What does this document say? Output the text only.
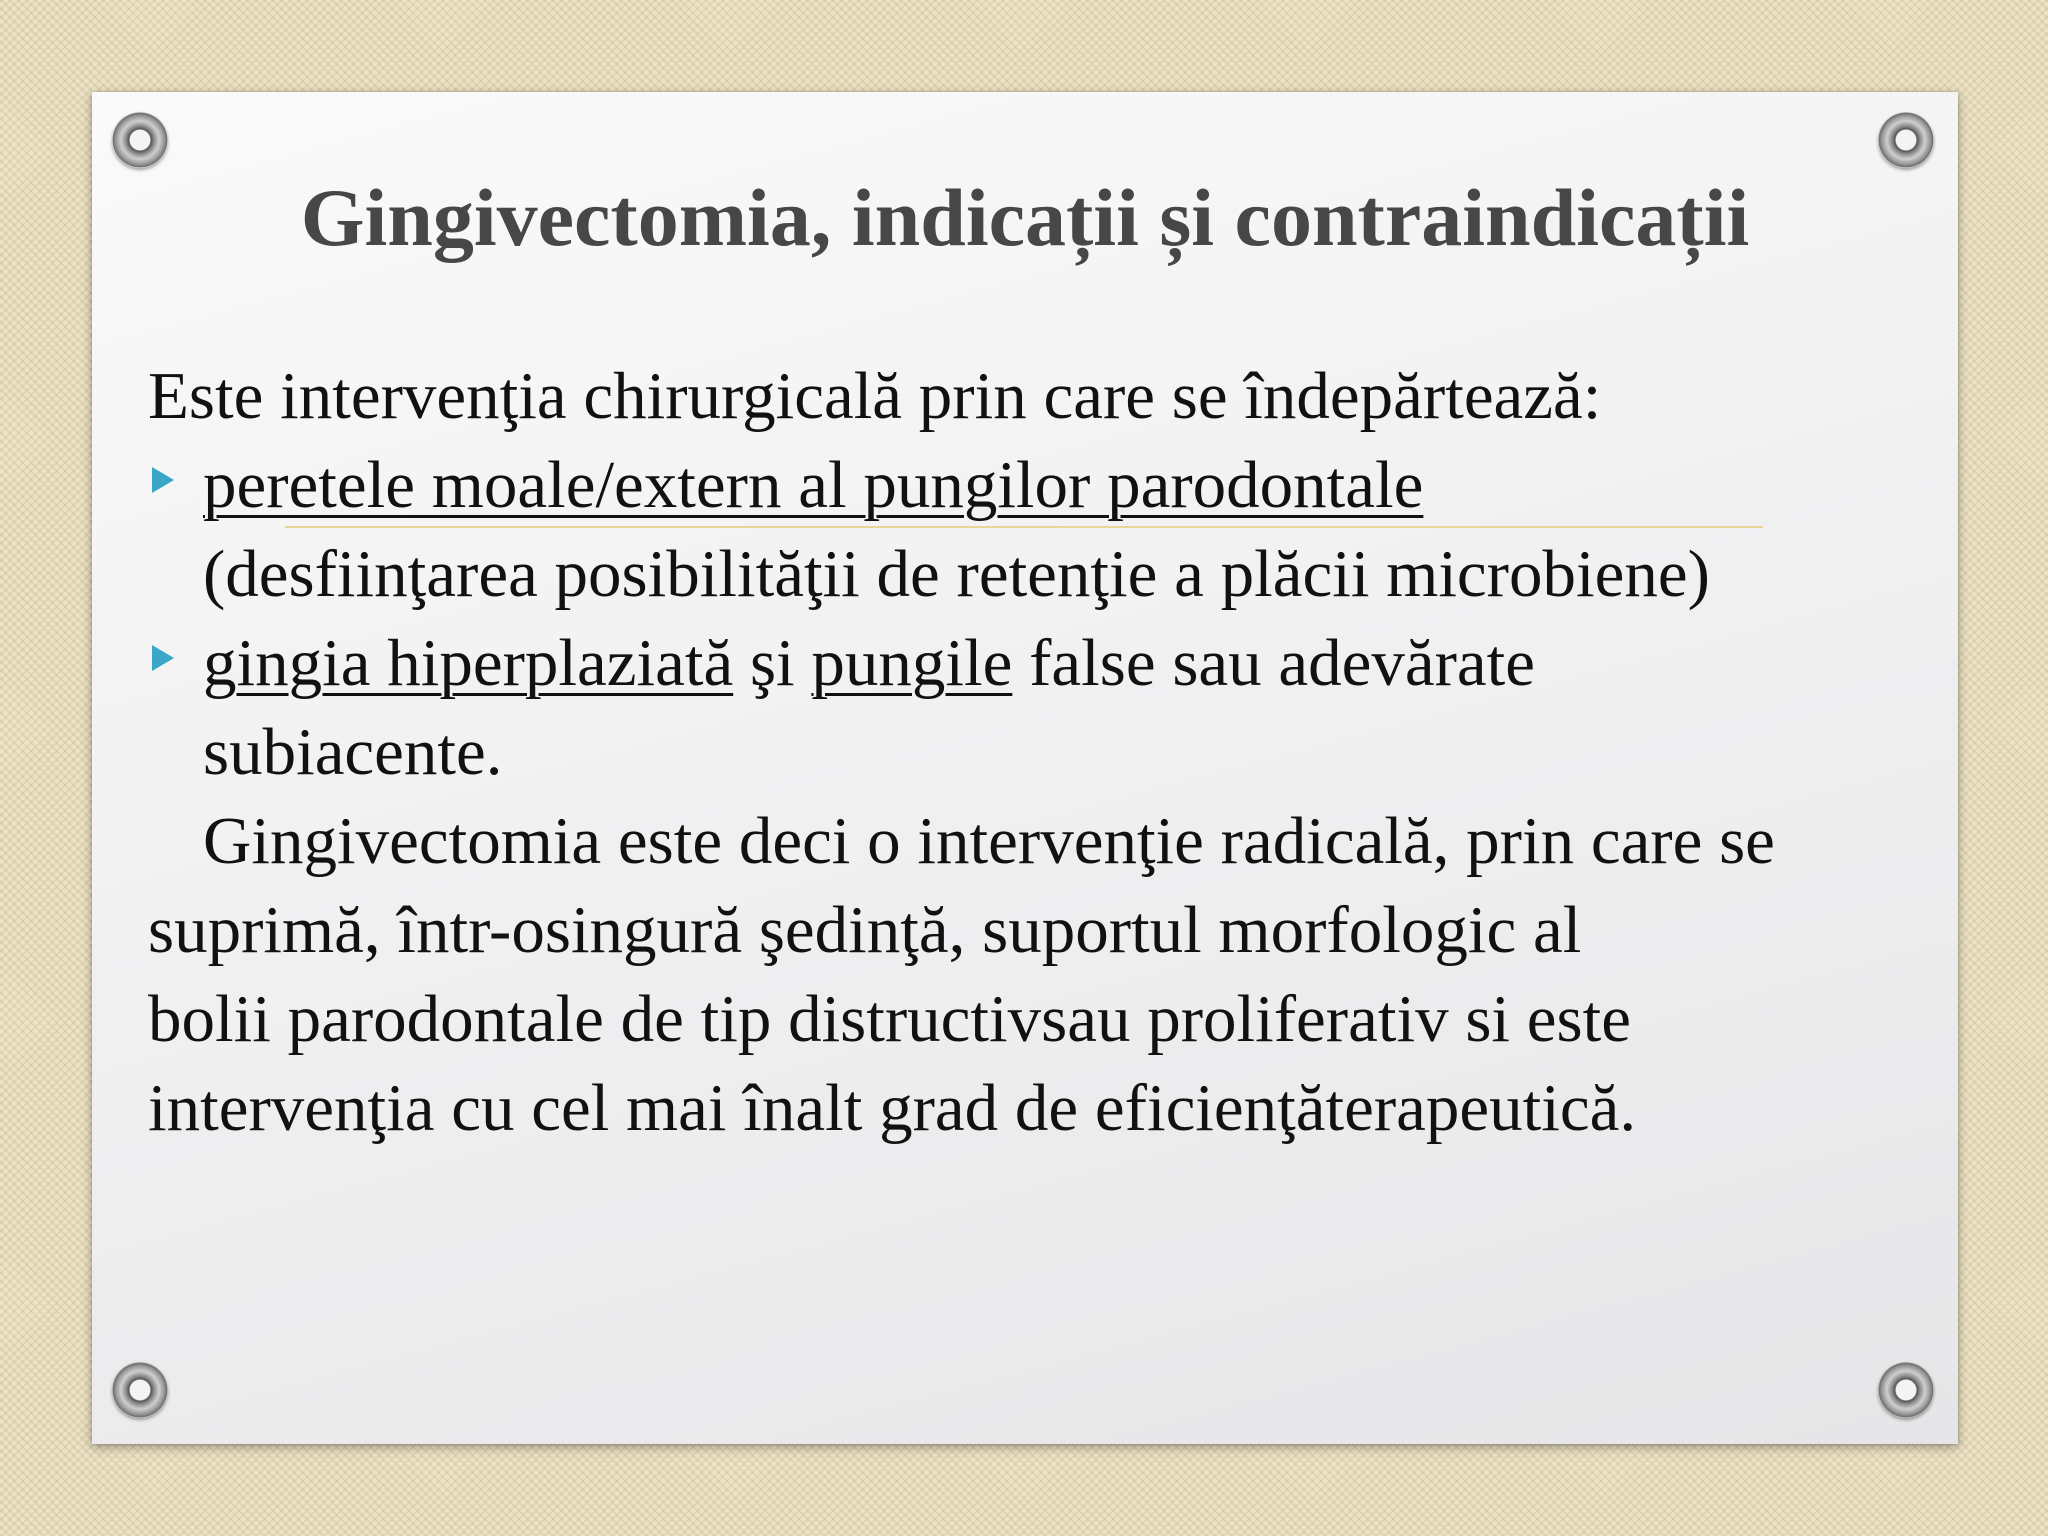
Gingivectomia, indicații și contraindicații

Este intervenţia chirurgicală prin care se îndepărtează:

peretele moale/extern al pungilor parodontale
(desfiinţarea posibilităţii de retenţie a plăcii microbiene)
gingia hiperplaziată şi pungile false sau adevărate
subiacente.
Gingivectomia este deci o intervenţie radicală, prin care se
suprimă, într-osingură şedinţă, suportul morfologic al
bolii parodontale de tip distructivsau proliferativ si este
intervenţia cu cel mai înalt grad de eficienţăterapeutică.
